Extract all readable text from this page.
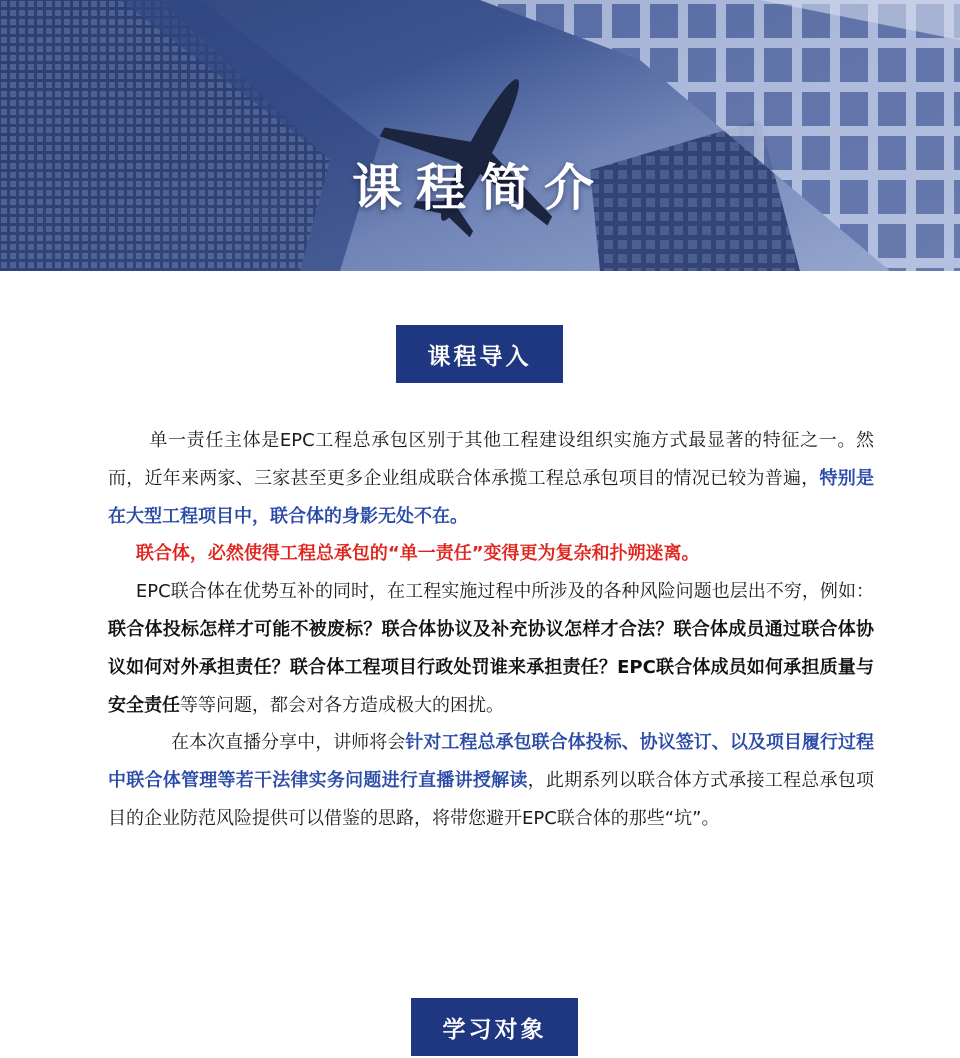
课程简介
课程导入

单一责任主体是EPC工程总承包区别于其他工程建设组织实施方式最显著的特征之一。然而，近年来两家、三家甚至更多企业组成联合体承揽工程总承包项目的情况已较为普遍，特别是在大型工程项目中，联合体的身影无处不在。

联合体，必然使得工程总承包的“单一责任”变得更为复杂和扑朔迷离。

EPC联合体在优势互补的同时，在工程实施过程中所涉及的各种风险问题也层出不穷，例如：联合体投标怎样才可能不被废标？联合体协议及补充协议怎样才合法？联合体成员通过联合体协议如何对外承担责任？联合体工程项目行政处罚谁来承担责任？EPC联合体成员如何承担质量与安全责任等等问题，都会对各方造成极大的困扰。

在本次直播分享中，讲师将会针对工程总承包联合体投标、协议签订、以及项目履行过程中联合体管理等若干法律实务问题进行直播讲授解读，此期系列以联合体方式承接工程总承包项目的企业防范风险提供可以借鉴的思路，将带您避开EPC联合体的那些“坑”。

学习对象
